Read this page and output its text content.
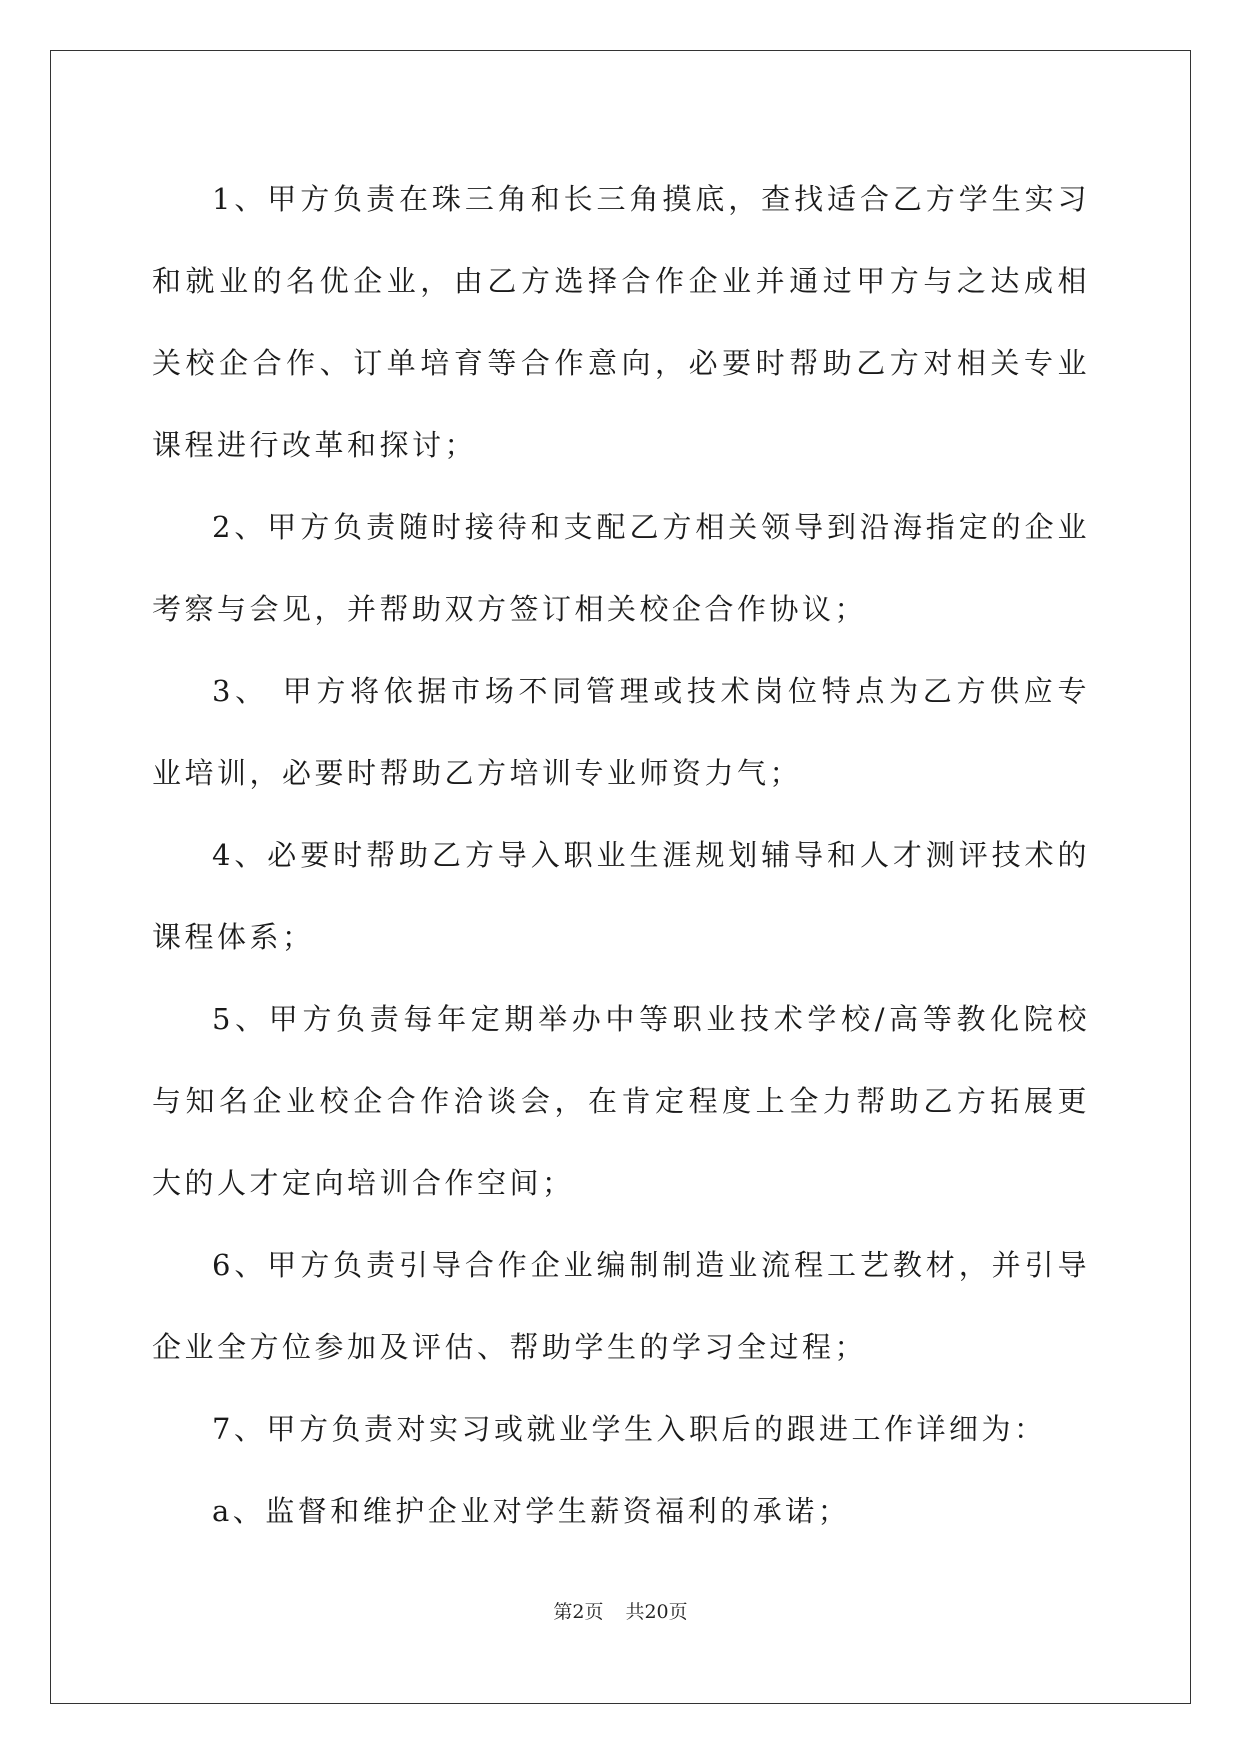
1、甲方负责在珠三角和长三角摸底，查找适合乙方学生实习和就业的名优企业，由乙方选择合作企业并通过甲方与之达成相关校企合作、订单培育等合作意向，必要时帮助乙方对相关专业课程进行改革和探讨；

2、甲方负责随时接待和支配乙方相关领导到沿海指定的企业考察与会见，并帮助双方签订相关校企合作协议；

3、 甲方将依据市场不同管理或技术岗位特点为乙方供应专业培训，必要时帮助乙方培训专业师资力气；

4、必要时帮助乙方导入职业生涯规划辅导和人才测评技术的课程体系；

5、甲方负责每年定期举办中等职业技术学校/高等教化院校与知名企业校企合作洽谈会，在肯定程度上全力帮助乙方拓展更大的人才定向培训合作空间；

6、甲方负责引导合作企业编制制造业流程工艺教材，并引导企业全方位参加及评估、帮助学生的学习全过程；

7、甲方负责对实习或就业学生入职后的跟进工作详细为：

a、监督和维护企业对学生薪资福利的承诺；

第2页 共20页
